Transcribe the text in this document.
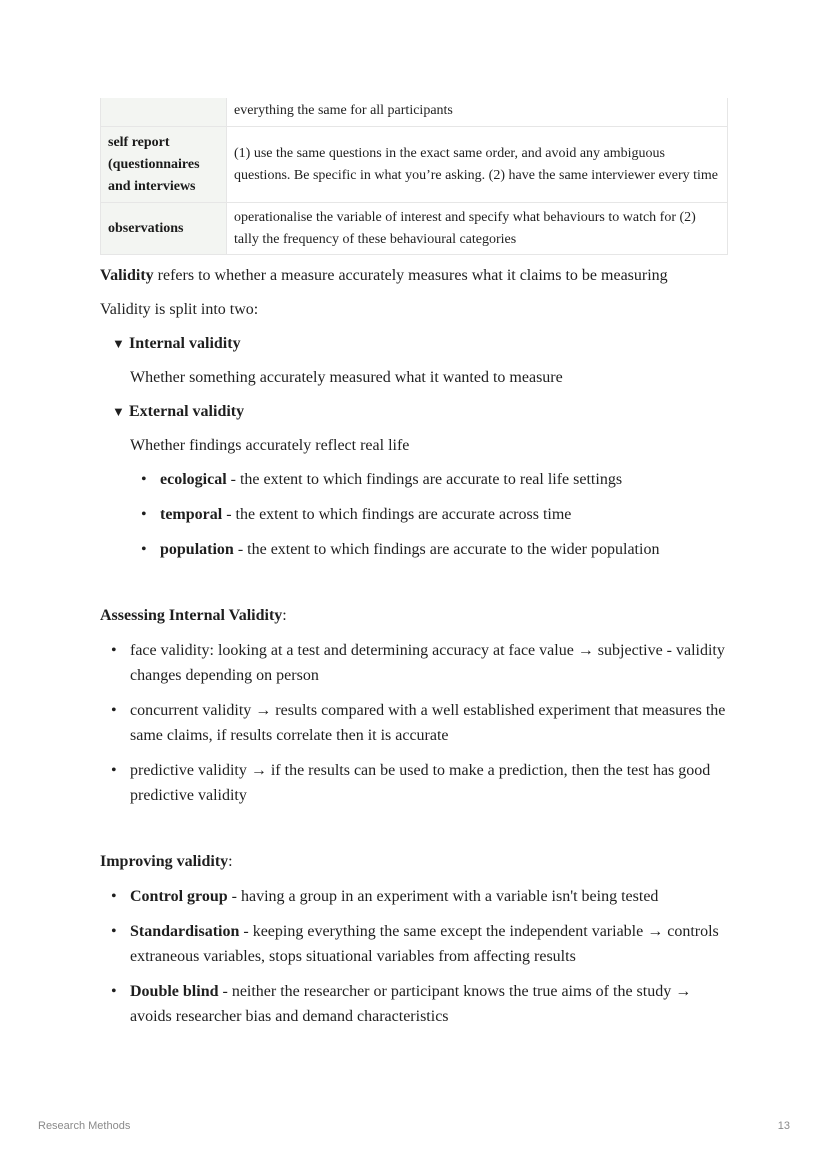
	everything the same for all participants
self report (questionnaires and interviews	(1) use the same questions in the exact same order, and avoid any ambiguous questions. Be specific in what you’re asking. (2) have the same interviewer every time
observations	operationalise the variable of interest and specify what behaviours to watch for (2) tally the frequency of these behavioural categories

Validity refers to whether a measure accurately measures what it claims to be measuring

Validity is split into two:

▼ Internal validity
Whether something accurately measured what it wanted to measure
▼ External validity
Whether findings accurately reflect real life
• ecological - the extent to which findings are accurate to real life settings
• temporal - the extent to which findings are accurate across time
• population - the extent to which findings are accurate to the wider population

Assessing Internal Validity:

• face validity: looking at a test and determining accuracy at face value → subjective - validity changes depending on person
• concurrent validity → results compared with a well established experiment that measures the same claims, if results correlate then it is accurate
• predictive validity → if the results can be used to make a prediction, then the test has good predictive validity

Improving validity:

• Control group - having a group in an experiment with a variable isn't being tested
• Standardisation - keeping everything the same except the independent variable → controls extraneous variables, stops situational variables from affecting results
• Double blind - neither the researcher or participant knows the true aims of the study → avoids researcher bias and demand characteristics
Research Methods	13
